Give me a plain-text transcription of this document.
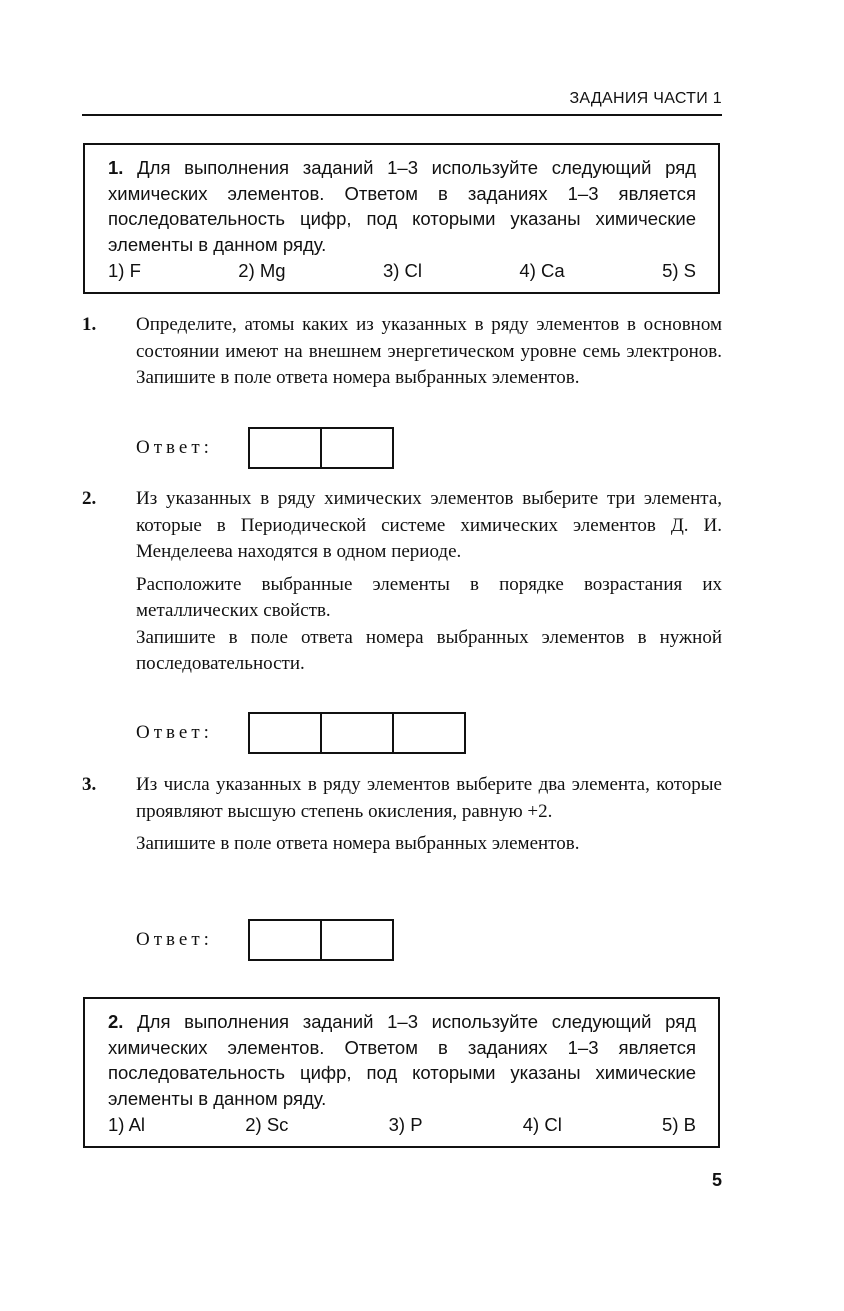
ЗАДАНИЯ ЧАСТИ 1
1. Для выполнения заданий 1–3 используйте следующий ряд химических элементов. Ответом в заданиях 1–3 является последовательность цифр, под которыми указаны химические элементы в данном ряду.
1) F	2) Mg	3) Cl	4) Ca	5) S
1. Определите, атомы каких из указанных в ряду элементов в основном состоянии имеют на внешнем энергетическом уровне семь электронов. Запишите в поле ответа номера выбранных элементов.
Ответ:
2. Из указанных в ряду химических элементов выберите три элемента, которые в Периодической системе химических элементов Д. И. Менделеева находятся в одном периоде.
Расположите выбранные элементы в порядке возрастания их металлических свойств.
Запишите в поле ответа номера выбранных элементов в нужной последовательности.
Ответ:
3. Из числа указанных в ряду элементов выберите два элемента, которые проявляют высшую степень окисления, равную +2.
Запишите в поле ответа номера выбранных элементов.
Ответ:
2. Для выполнения заданий 1–3 используйте следующий ряд химических элементов. Ответом в заданиях 1–3 является последовательность цифр, под которыми указаны химические элементы в данном ряду.
1) Al	2) Sc	3) P	4) Cl	5) B
5
